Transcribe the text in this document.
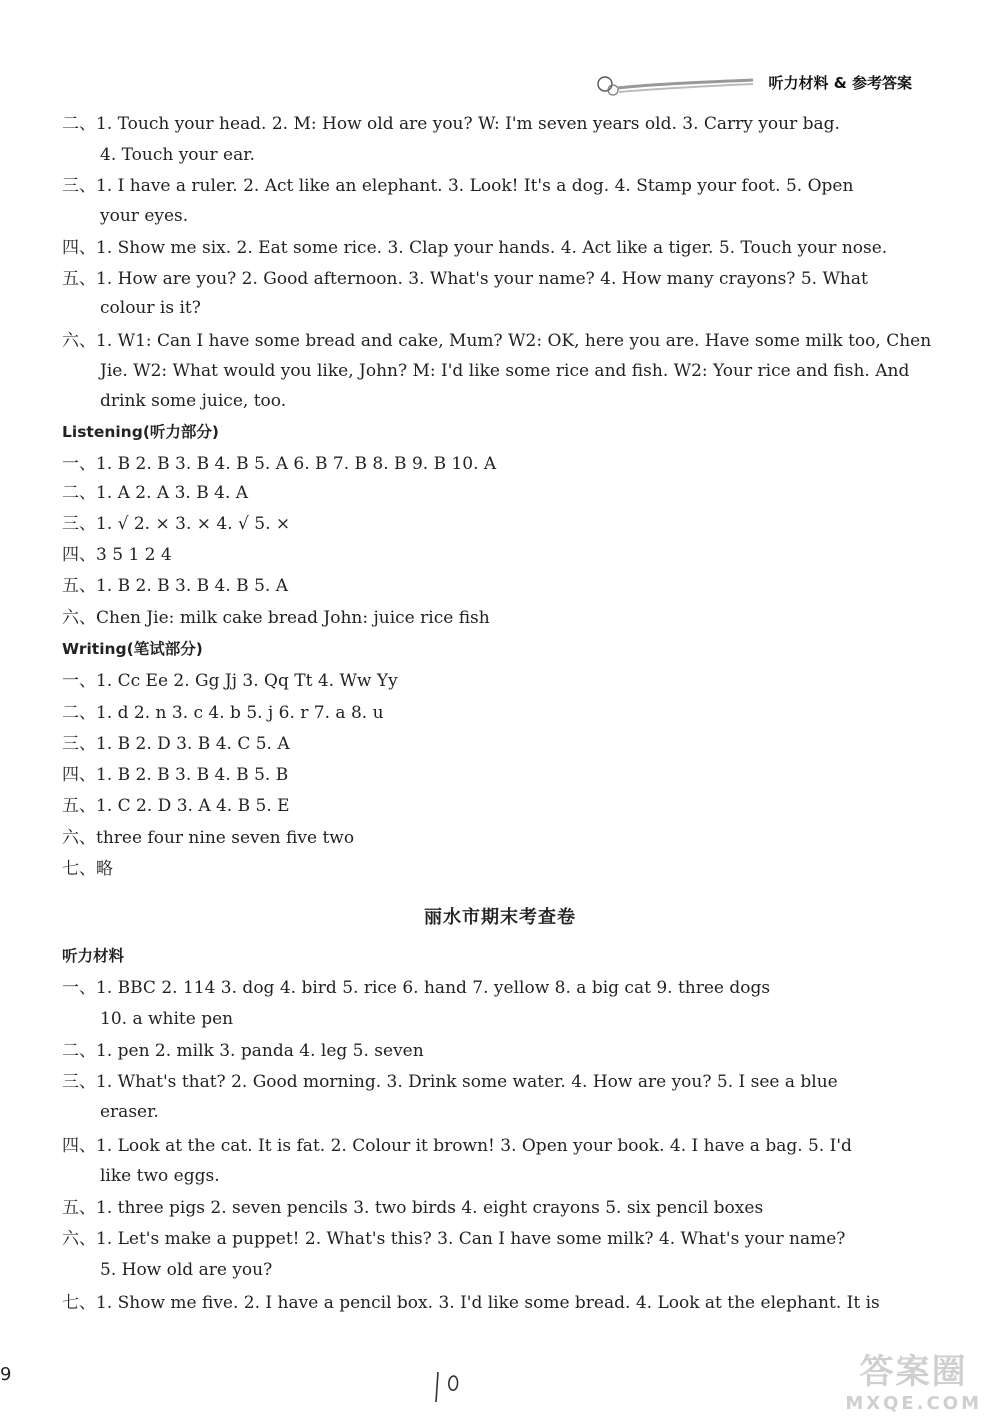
听力材料 & 参考答案
二、1. Touch your head. 2. M: How old are you? W: I'm seven years old. 3. Carry your bag.
4. Touch your ear.
三、1. I have a ruler. 2. Act like an elephant. 3. Look! It's a dog. 4. Stamp your foot. 5. Open
your eyes.
四、1. Show me six. 2. Eat some rice. 3. Clap your hands. 4. Act like a tiger. 5. Touch your nose.
五、1. How are you? 2. Good afternoon. 3. What's your name? 4. How many crayons? 5. What
colour is it?
六、1. W1: Can I have some bread and cake, Mum? W2: OK, here you are. Have some milk too, Chen
Jie. W2: What would you like, John? M: I'd like some rice and fish. W2: Your rice and fish. And
drink some juice, too.
Listening(听力部分)
一、1. B 2. B 3. B 4. B 5. A 6. B 7. B 8. B 9. B 10. A
二、1. A 2. A 3. B 4. A
三、1. √ 2. × 3. × 4. √ 5. ×
四、3 5 1 2 4
五、1. B 2. B 3. B 4. B 5. A
六、Chen Jie: milk cake bread John: juice rice fish
Writing(笔试部分)
一、1. Cc Ee 2. Gg Jj 3. Qq Tt 4. Ww Yy
二、1. d 2. n 3. c 4. b 5. j 6. r 7. a 8. u
三、1. B 2. D 3. B 4. C 5. A
四、1. B 2. B 3. B 4. B 5. B
五、1. C 2. D 3. A 4. B 5. E
六、three four nine seven five two
七、略
丽水市期末考查卷
听力材料
一、1. BBC 2. 114 3. dog 4. bird 5. rice 6. hand 7. yellow 8. a big cat 9. three dogs
10. a white pen
二、1. pen 2. milk 3. panda 4. leg 5. seven
三、1. What's that? 2. Good morning. 3. Drink some water. 4. How are you? 5. I see a blue
eraser.
四、1. Look at the cat. It is fat. 2. Colour it brown! 3. Open your book. 4. I have a bag. 5. I'd
like two eggs.
五、1. three pigs 2. seven pencils 3. two birds 4. eight crayons 5. six pencil boxes
六、1. Let's make a puppet! 2. What's this? 3. Can I have some milk? 4. What's your name?
5. How old are you?
七、1. Show me five. 2. I have a pencil box. 3. I'd like some bread. 4. Look at the elephant. It is
9	答案圈
MXQE.COM
